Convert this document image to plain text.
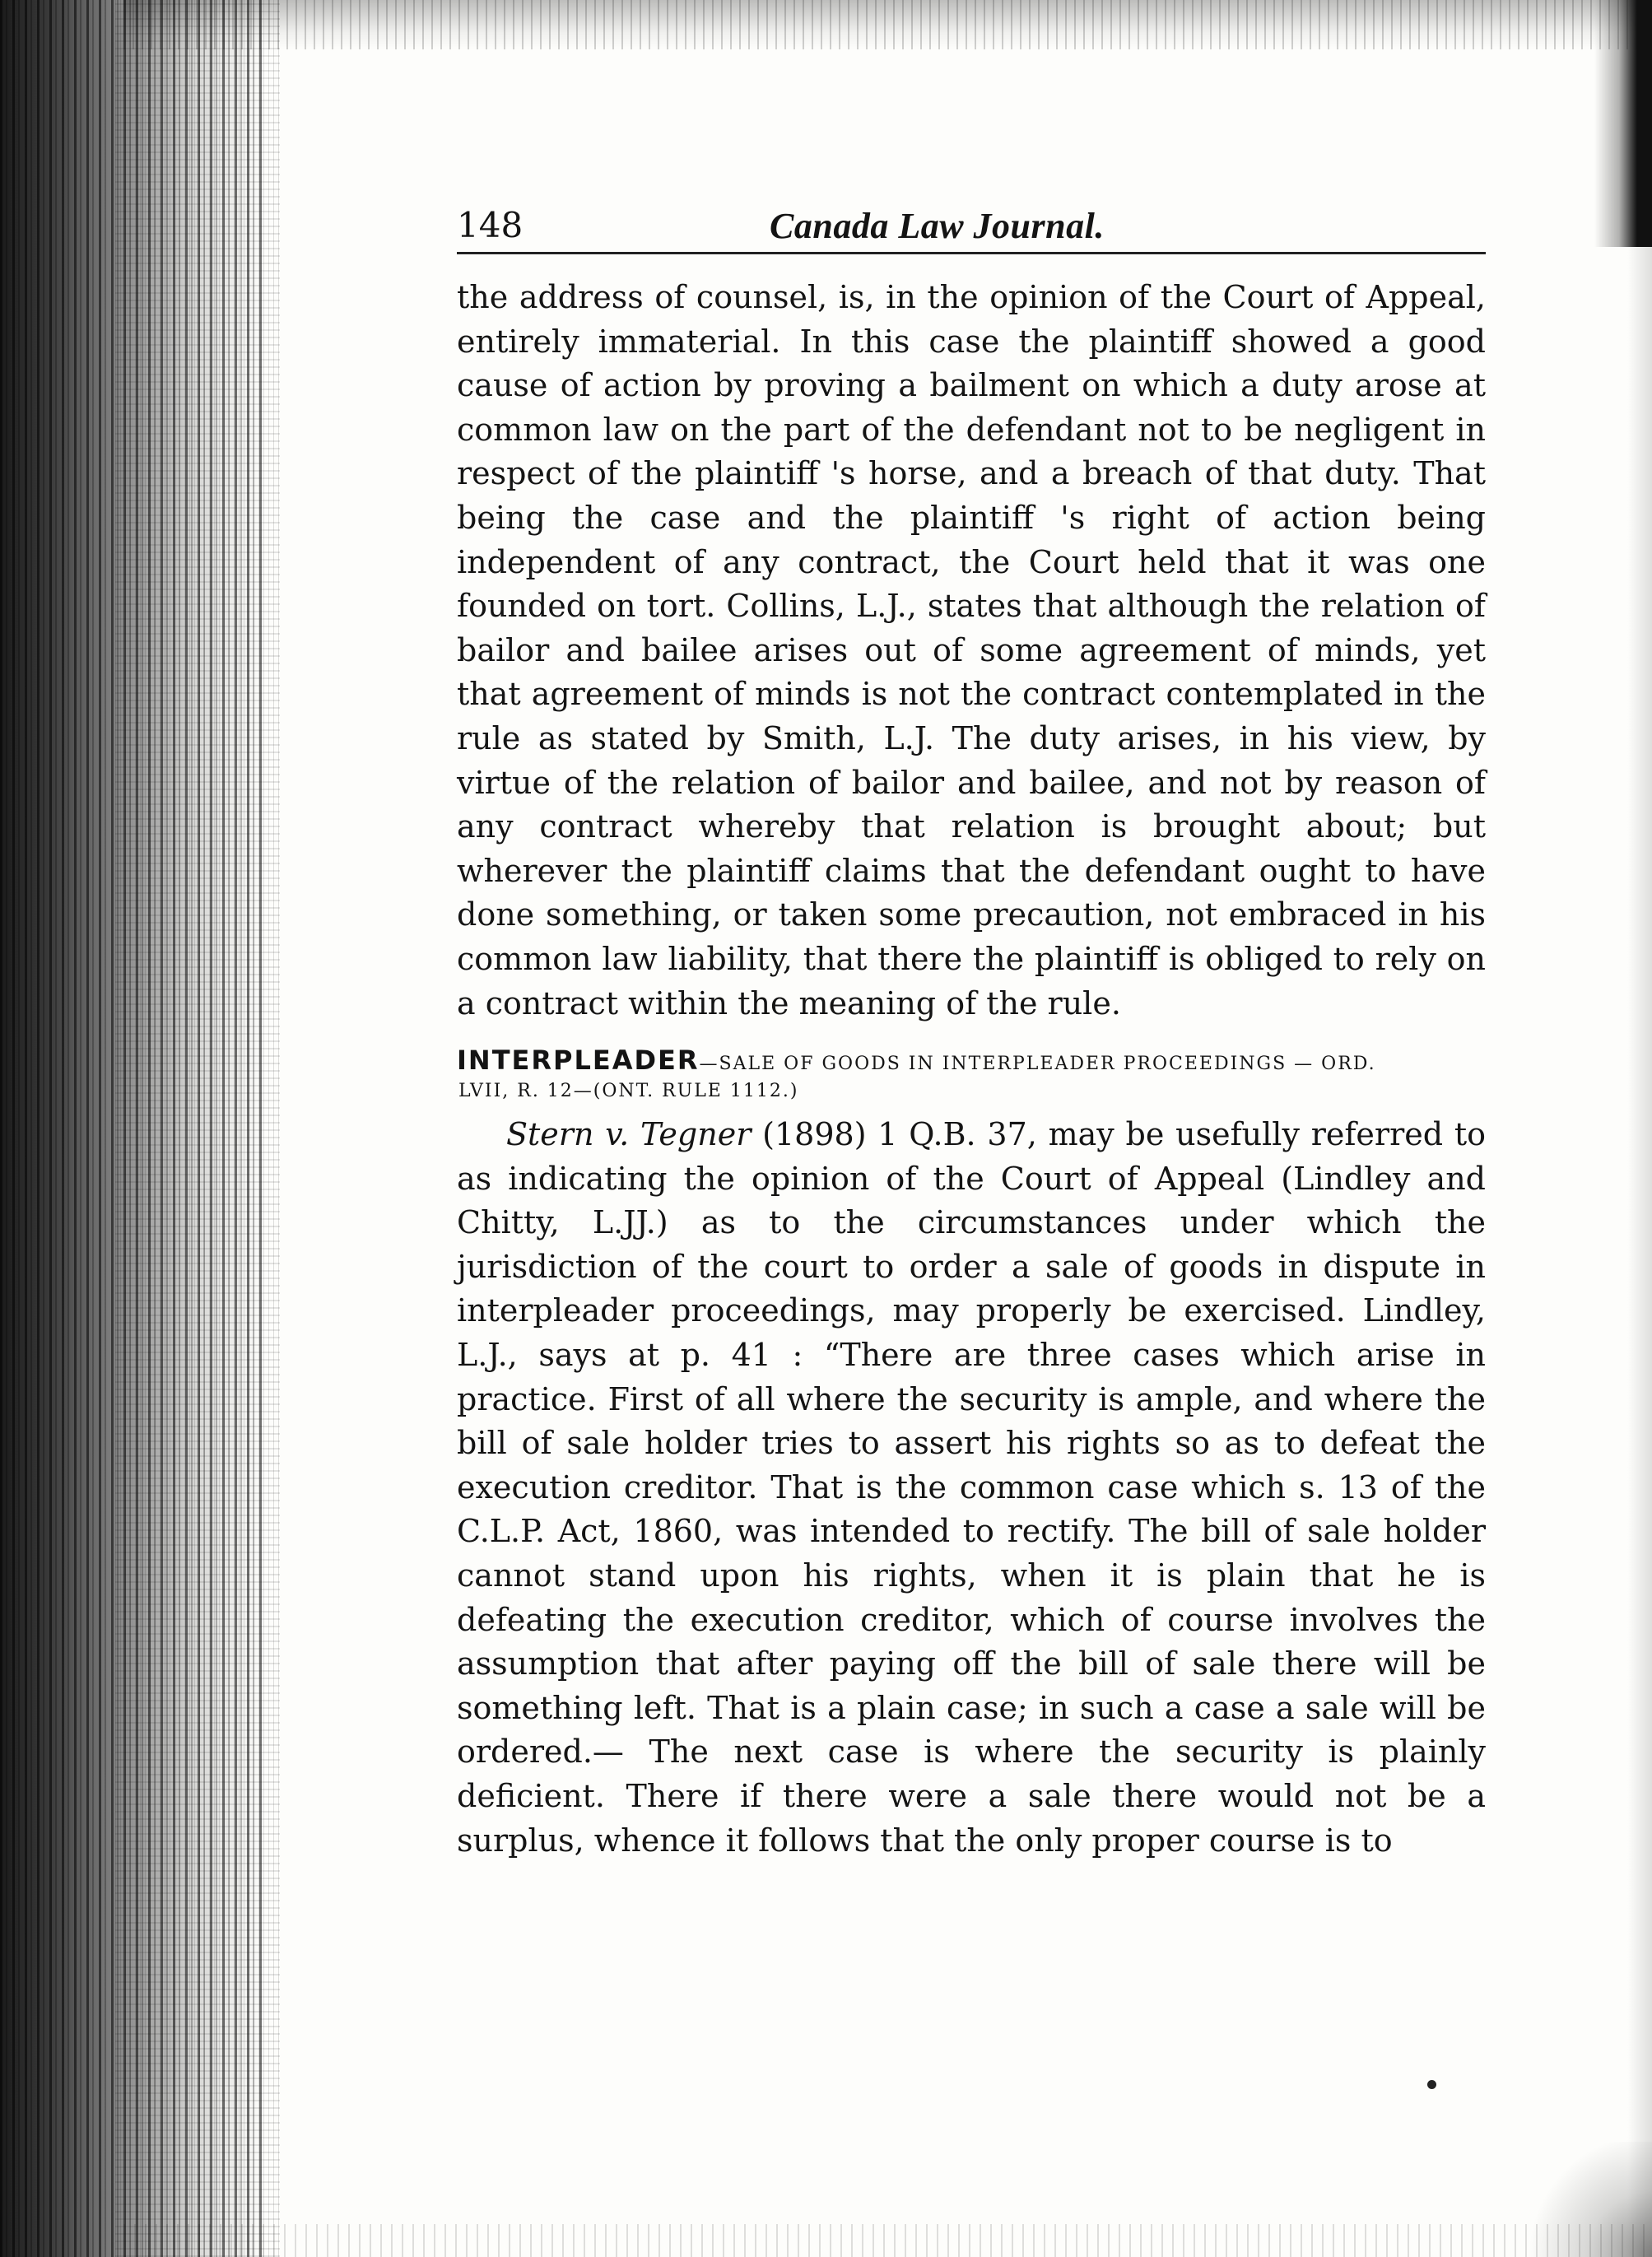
148	Canada Law Journal.

the address of counsel, is, in the opinion of the Court of Appeal, entirely immaterial. In this case the plaintiff showed a good cause of action by proving a bailment on which a duty arose at common law on the part of the defendant not to be negligent in respect of the plaintiff 's horse, and a breach of that duty. That being the case and the plaintiff 's right of action being independent of any contract, the Court held that it was one founded on tort. Collins, L.J., states that although the relation of bailor and bailee arises out of some agreement of minds, yet that agreement of minds is not the contract contemplated in the rule as stated by Smith, L.J. The duty arises, in his view, by virtue of the relation of bailor and bailee, and not by reason of any contract whereby that relation is brought about; but wherever the plaintiff claims that the defendant ought to have done something, or taken some precaution, not embraced in his common law liability, that there the plaintiff is obliged to rely on a contract within the meaning of the rule.

INTERPLEADER—SALE OF GOODS IN INTERPLEADER PROCEEDINGS — ORD.
LVII, R. 12—(ONT. RULE 1112.)

Stern v. Tegner (1898) 1 Q.B. 37, may be usefully referred to as indicating the opinion of the Court of Appeal (Lindley and Chitty, L.JJ.) as to the circumstances under which the jurisdiction of the court to order a sale of goods in dispute in interpleader proceedings, may properly be exercised. Lindley, L.J., says at p. 41 : “There are three cases which arise in practice. First of all where the security is ample, and where the bill of sale holder tries to assert his rights so as to defeat the execution creditor. That is the common case which s. 13 of the C.L.P. Act, 1860, was intended to rectify. The bill of sale holder cannot stand upon his rights, when it is plain that he is defeating the execution creditor, which of course involves the assumption that after paying off the bill of sale there will be something left. That is a plain case; in such a case a sale will be ordered.— The next case is where the security is plainly deficient. There if there were a sale there would not be a surplus, whence it follows that the only proper course is to
